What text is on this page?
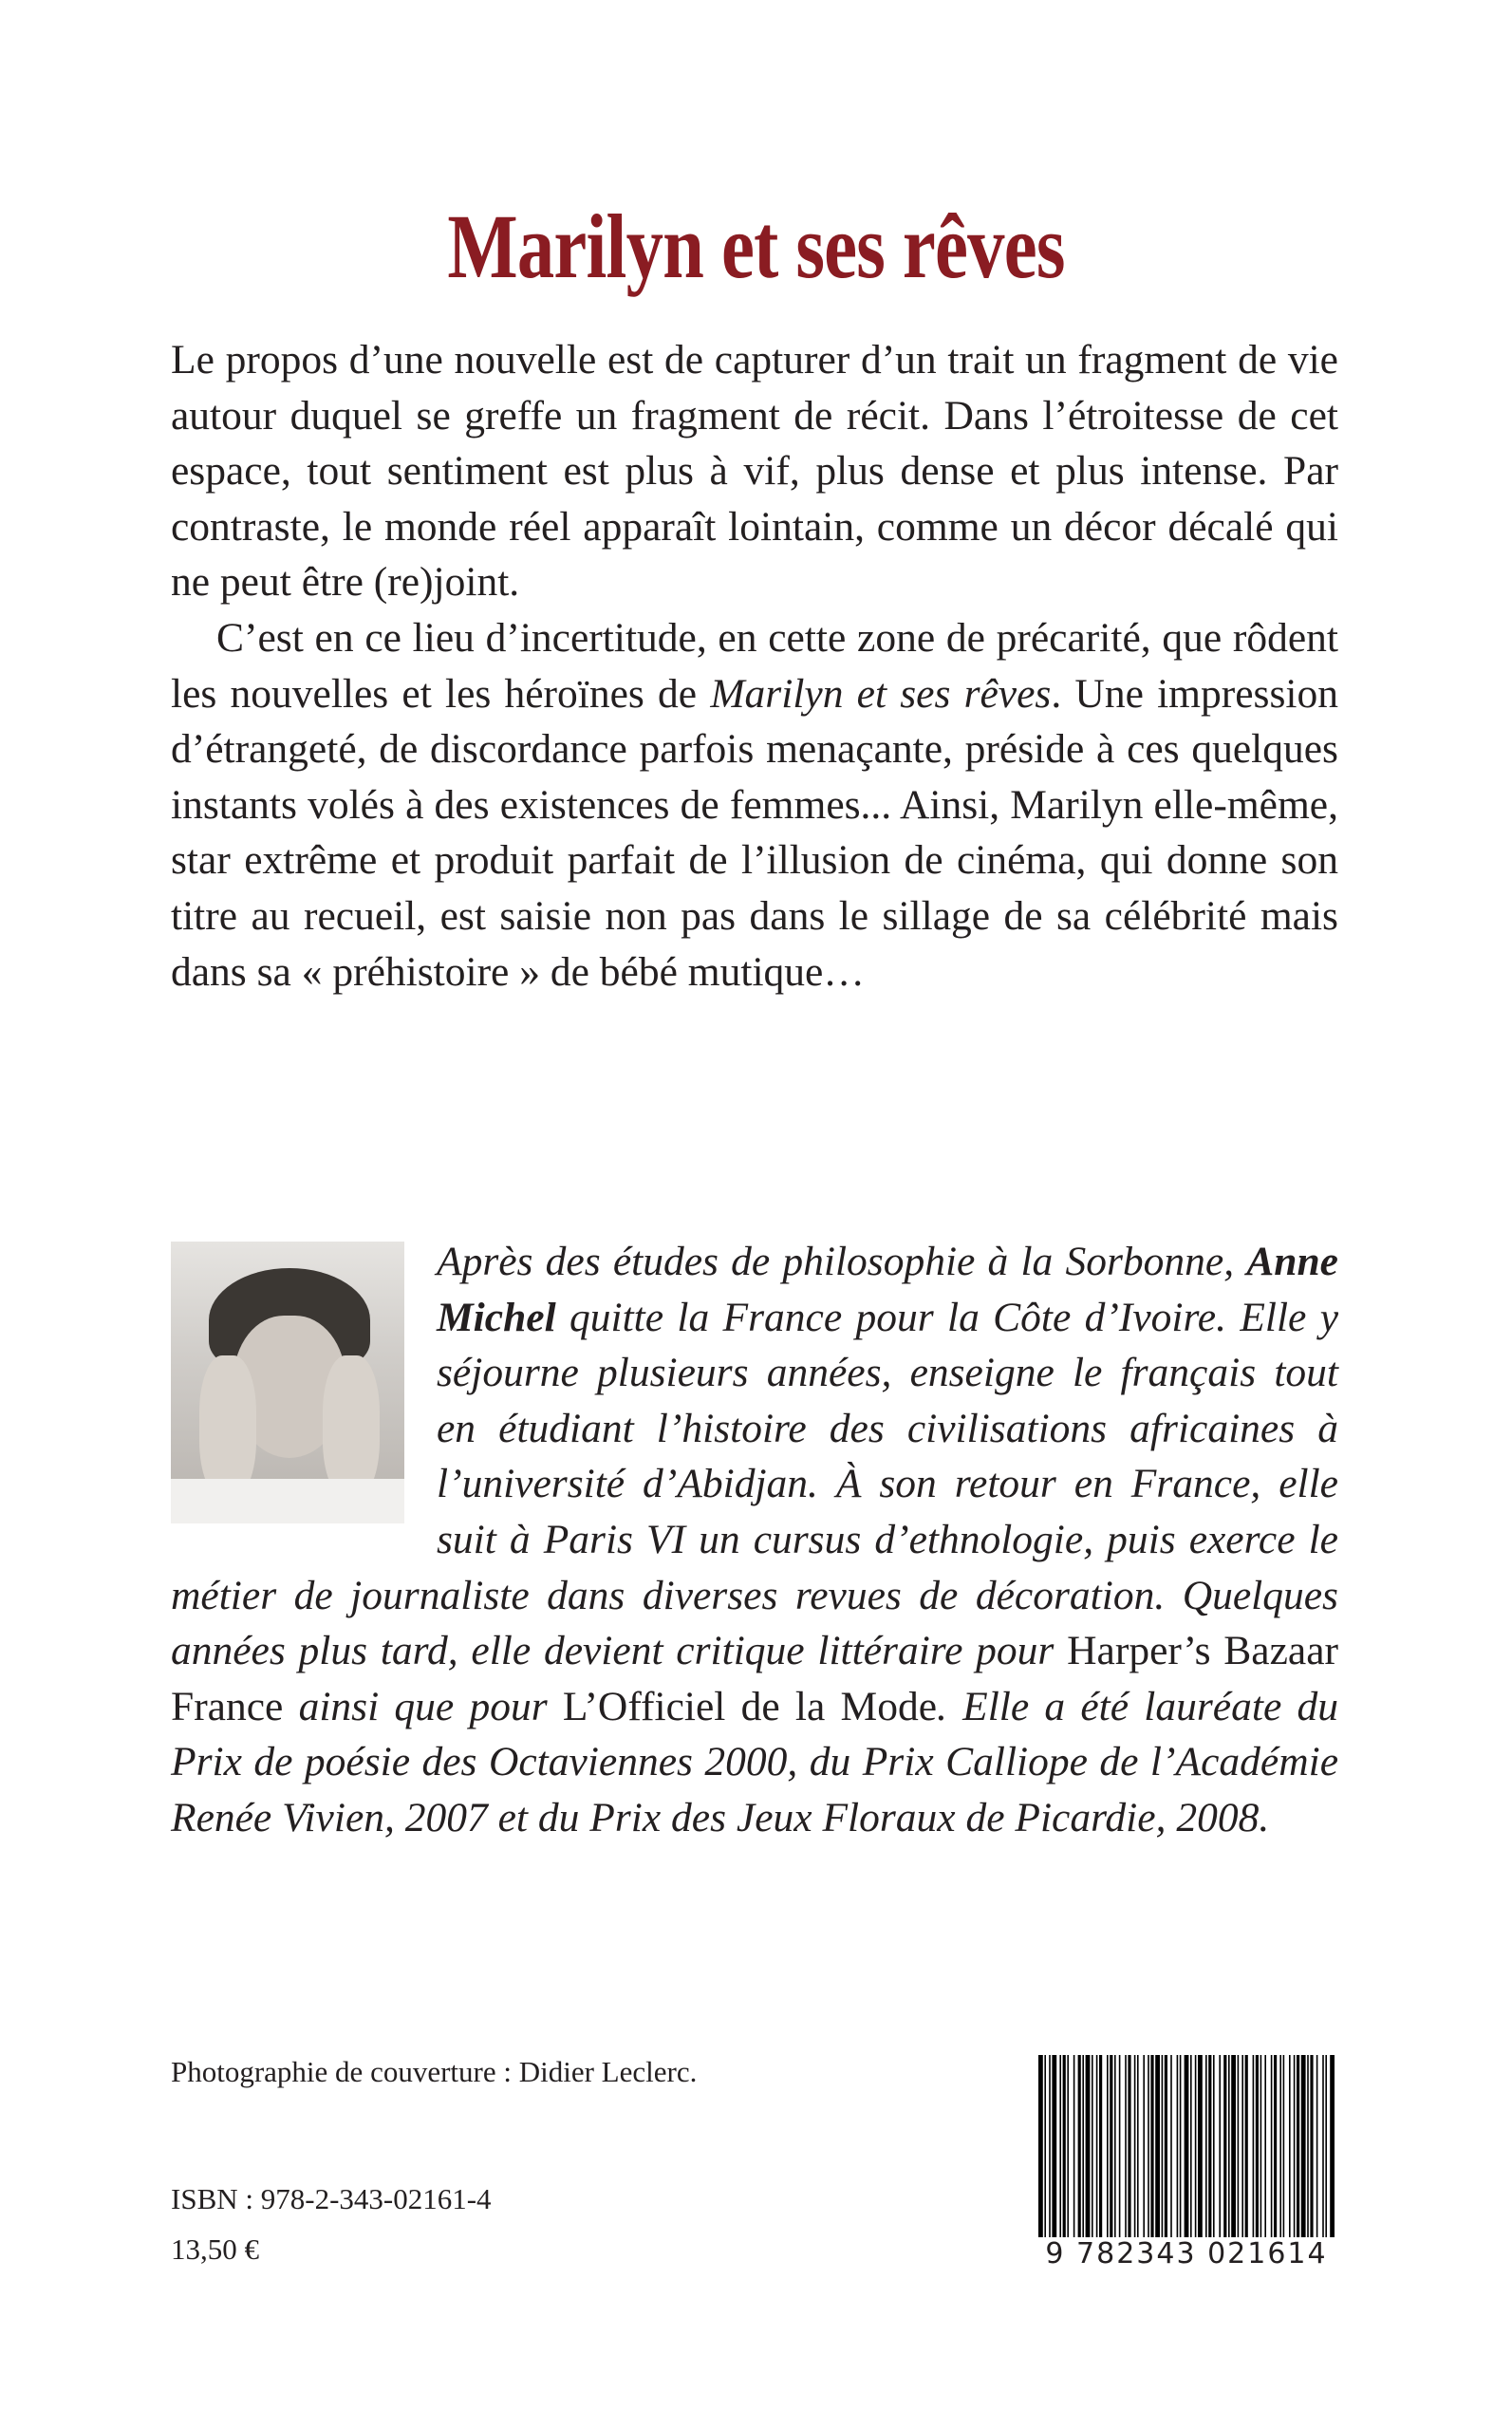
Marilyn et ses rêves

Le propos d’une nouvelle est de capturer d’un trait un fragment de vie autour duquel se greffe un fragment de récit. Dans l’étroitesse de cet espace, tout sentiment est plus à vif, plus dense et plus intense. Par contraste, le monde réel apparaît lointain, comme un décor décalé qui ne peut être (re)joint.

C’est en ce lieu d’incertitude, en cette zone de précarité, que rôdent les nouvelles et les héroïnes de Marilyn et ses rêves. Une impression d’étrangeté, de discordance parfois menaçante, préside à ces quelques instants volés à des existences de femmes... Ainsi, Marilyn elle-même, star extrême et produit parfait de l’illusion de cinéma, qui donne son titre au recueil, est saisie non pas dans le sillage de sa célébrité mais dans sa « préhistoire » de bébé mutique…

Après des études de philosophie à la Sorbonne, Anne Michel quitte la France pour la Côte d’Ivoire. Elle y séjourne plusieurs années, enseigne le français tout en étudiant l’histoire des civilisations africaines à l’université d’Abidjan. À son retour en France, elle suit à Paris VI un cursus d’ethnologie, puis exerce le métier de journaliste dans diverses revues de décoration. Quelques années plus tard, elle devient critique littéraire pour Harper’s Bazaar France ainsi que pour L’Officiel de la Mode. Elle a été lauréate du Prix de poésie des Octaviennes 2000, du Prix Calliope de l’Académie Renée Vivien, 2007 et du Prix des Jeux Floraux de Picardie, 2008.
Photographie de couverture : Didier Leclerc.
ISBN : 978-2-343-02161-4
13,50 €	9 782343 021614
